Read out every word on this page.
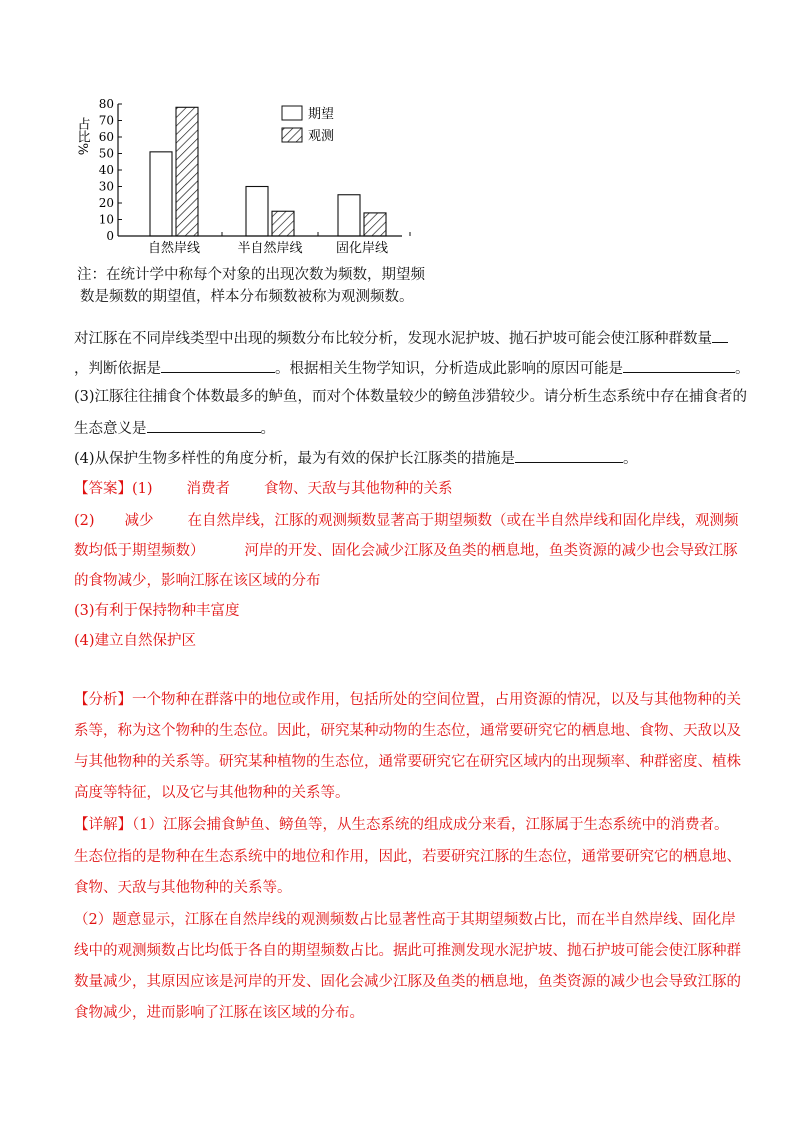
0
10
20
30
40
50
60
70
80
自然岸线	半自然岸线	固化岸线
占比%
期望
观测
注：在统计学中称每个对象的出现次数为频数，期望频
数是频数的期望值，样本分布频数被称为观测频数。
对江豚在不同岸线类型中出现的频数分布比较分析，发现水泥护坡、抛石护坡可能会使江豚种群数量
，判断依据是	。根据相关生物学知识，分析造成此影响的原因可能是	。
(3)江豚往往捕食个体数最多的鲈鱼，而对个体数量较少的鳑鱼涉猎较少。请分析生态系统中存在捕食者的
生态意义是	。
(4)从保护生物多样性的角度分析，最为有效的保护长江豚类的措施是	。
【答案】(1) 消费者 食物、天敌与其他物种的关系
(2) 减少 在自然岸线，江豚的观测频数显著高于期望频数（或在半自然岸线和固化岸线，观测频
数均低于期望频数）	河岸的开发、固化会减少江豚及鱼类的栖息地，鱼类资源的减少也会导致江豚
的食物减少，影响江豚在该区域的分布
(3)有利于保持物种丰富度
(4)建立自然保护区
【分析】一个物种在群落中的地位或作用，包括所处的空间位置，占用资源的情况，以及与其他物种的关
系等，称为这个物种的生态位。因此，研究某种动物的生态位，通常要研究它的栖息地、食物、天敌以及
与其他物种的关系等。研究某种植物的生态位，通常要研究它在研究区域内的出现频率、种群密度、植株
高度等特征，以及它与其他物种的关系等。
【详解】（1）江豚会捕食鲈鱼、鳑鱼等，从生态系统的组成成分来看，江豚属于生态系统中的消费者。
生态位指的是物种在生态系统中的地位和作用，因此，若要研究江豚的生态位，通常要研究它的栖息地、
食物、天敌与其他物种的关系等。
（2）题意显示，江豚在自然岸线的观测频数占比显著性高于其期望频数占比，而在半自然岸线、固化岸
线中的观测频数占比均低于各自的期望频数占比。据此可推测发现水泥护坡、抛石护坡可能会使江豚种群
数量减少，其原因应该是河岸的开发、固化会减少江豚及鱼类的栖息地，鱼类资源的减少也会导致江豚的
食物减少，进而影响了江豚在该区域的分布。
